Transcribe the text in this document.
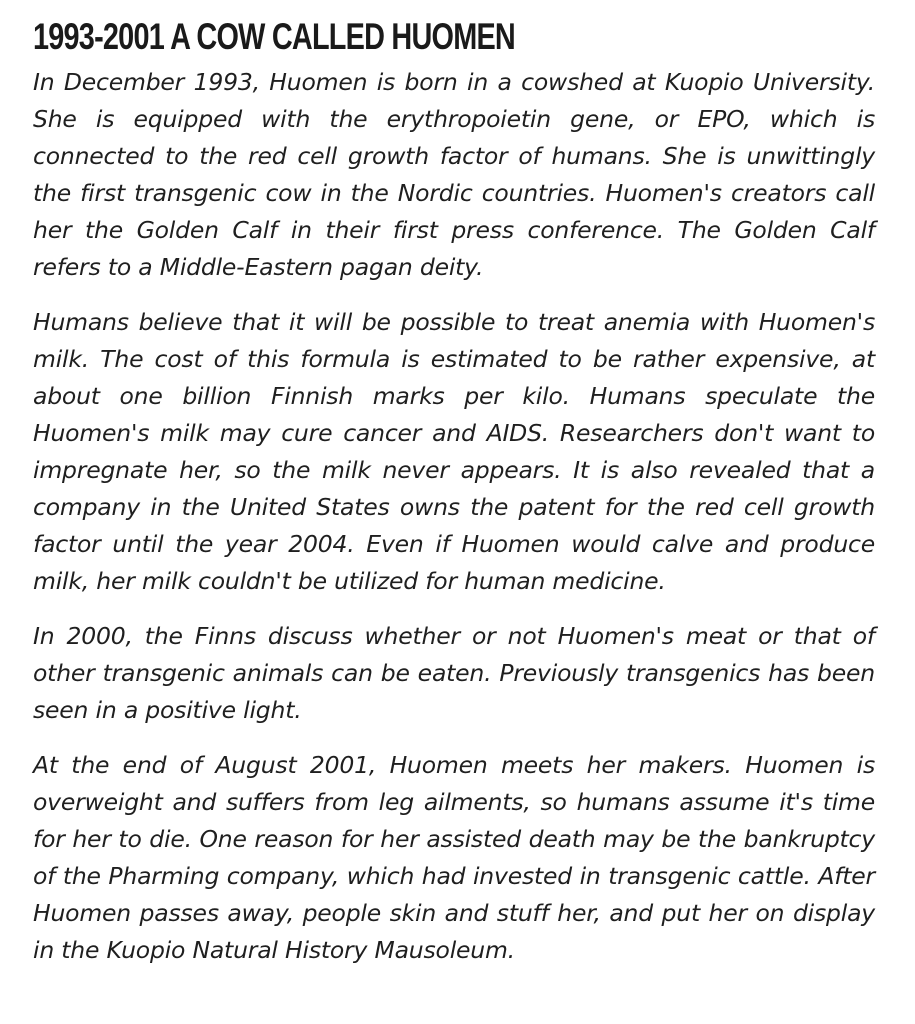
1993-2001 A COW CALLED HUOMEN

In December 1993, Huomen is born in a cowshed at Kuopio University. She is equipped with the erythropoietin gene, or EPO, which is connected to the red cell growth factor of humans. She is unwittingly the first transgenic cow in the Nordic countries. Huomen's creators call her the Golden Calf in their first press conference. The Golden Calf refers to a Middle-Eastern pagan deity.

Humans believe that it will be possible to treat anemia with Huomen's milk. The cost of this formula is estimated to be rather expensive, at about one billion Finnish marks per kilo. Humans speculate the Huomen's milk may cure cancer and AIDS. Researchers don't want to impregnate her, so the milk never appears. It is also revealed that a company in the United States owns the patent for the red cell growth factor until the year 2004. Even if Huomen would calve and produce milk, her milk couldn't be utilized for human medicine.

In 2000, the Finns discuss whether or not Huomen's meat or that of other transgenic animals can be eaten. Previously transgenics has been seen in a positive light.

At the end of August 2001, Huomen meets her makers. Huomen is overweight and suffers from leg ailments, so humans assume it's time for her to die. One reason for her assisted death may be the bankruptcy of the Pharming company, which had invested in transgenic cattle. After Huomen passes away, people skin and stuff her, and put her on display in the Kuopio Natural History Mausoleum.
